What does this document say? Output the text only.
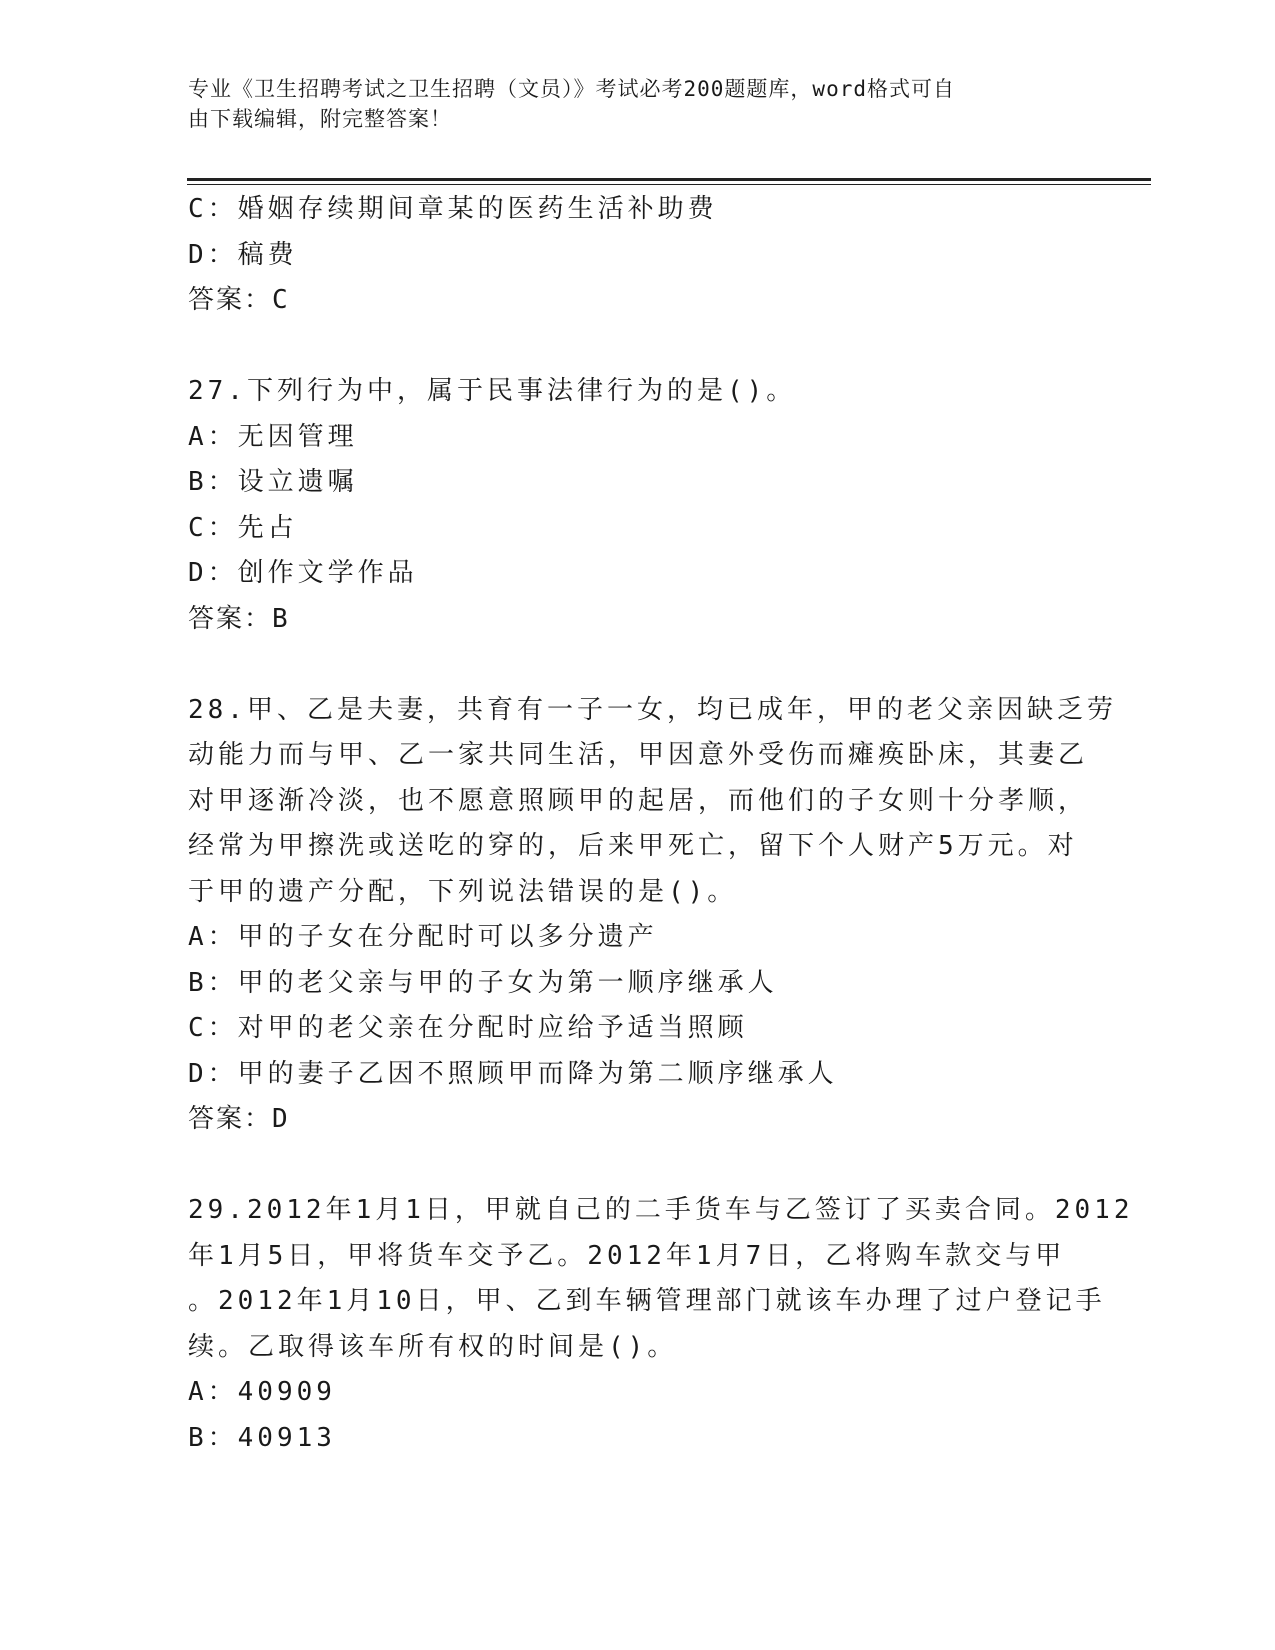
专业《卫生招聘考试之卫生招聘（文员）》考试必考200题题库，word格式可自
由下载编辑，附完整答案！
C：婚姻存续期间章某的医药生活补助费
D：稿费
答案：C
27.下列行为中，属于民事法律行为的是()。
A：无因管理
B：设立遗嘱
C：先占
D：创作文学作品
答案：B
28.甲、乙是夫妻，共育有一子一女，均已成年，甲的老父亲因缺乏劳
动能力而与甲、乙一家共同生活，甲因意外受伤而瘫痪卧床，其妻乙
对甲逐渐冷淡，也不愿意照顾甲的起居，而他们的子女则十分孝顺，
经常为甲擦洗或送吃的穿的，后来甲死亡，留下个人财产5万元。对
于甲的遗产分配，下列说法错误的是()。
A：甲的子女在分配时可以多分遗产
B：甲的老父亲与甲的子女为第一顺序继承人
C：对甲的老父亲在分配时应给予适当照顾
D：甲的妻子乙因不照顾甲而降为第二顺序继承人
答案：D
29.2012年1月1日，甲就自己的二手货车与乙签订了买卖合同。2012
年1月5日，甲将货车交予乙。2012年1月7日，乙将购车款交与甲
。2012年1月10日，甲、乙到车辆管理部门就该车办理了过户登记手
续。乙取得该车所有权的时间是()。
A：40909
B：40913
